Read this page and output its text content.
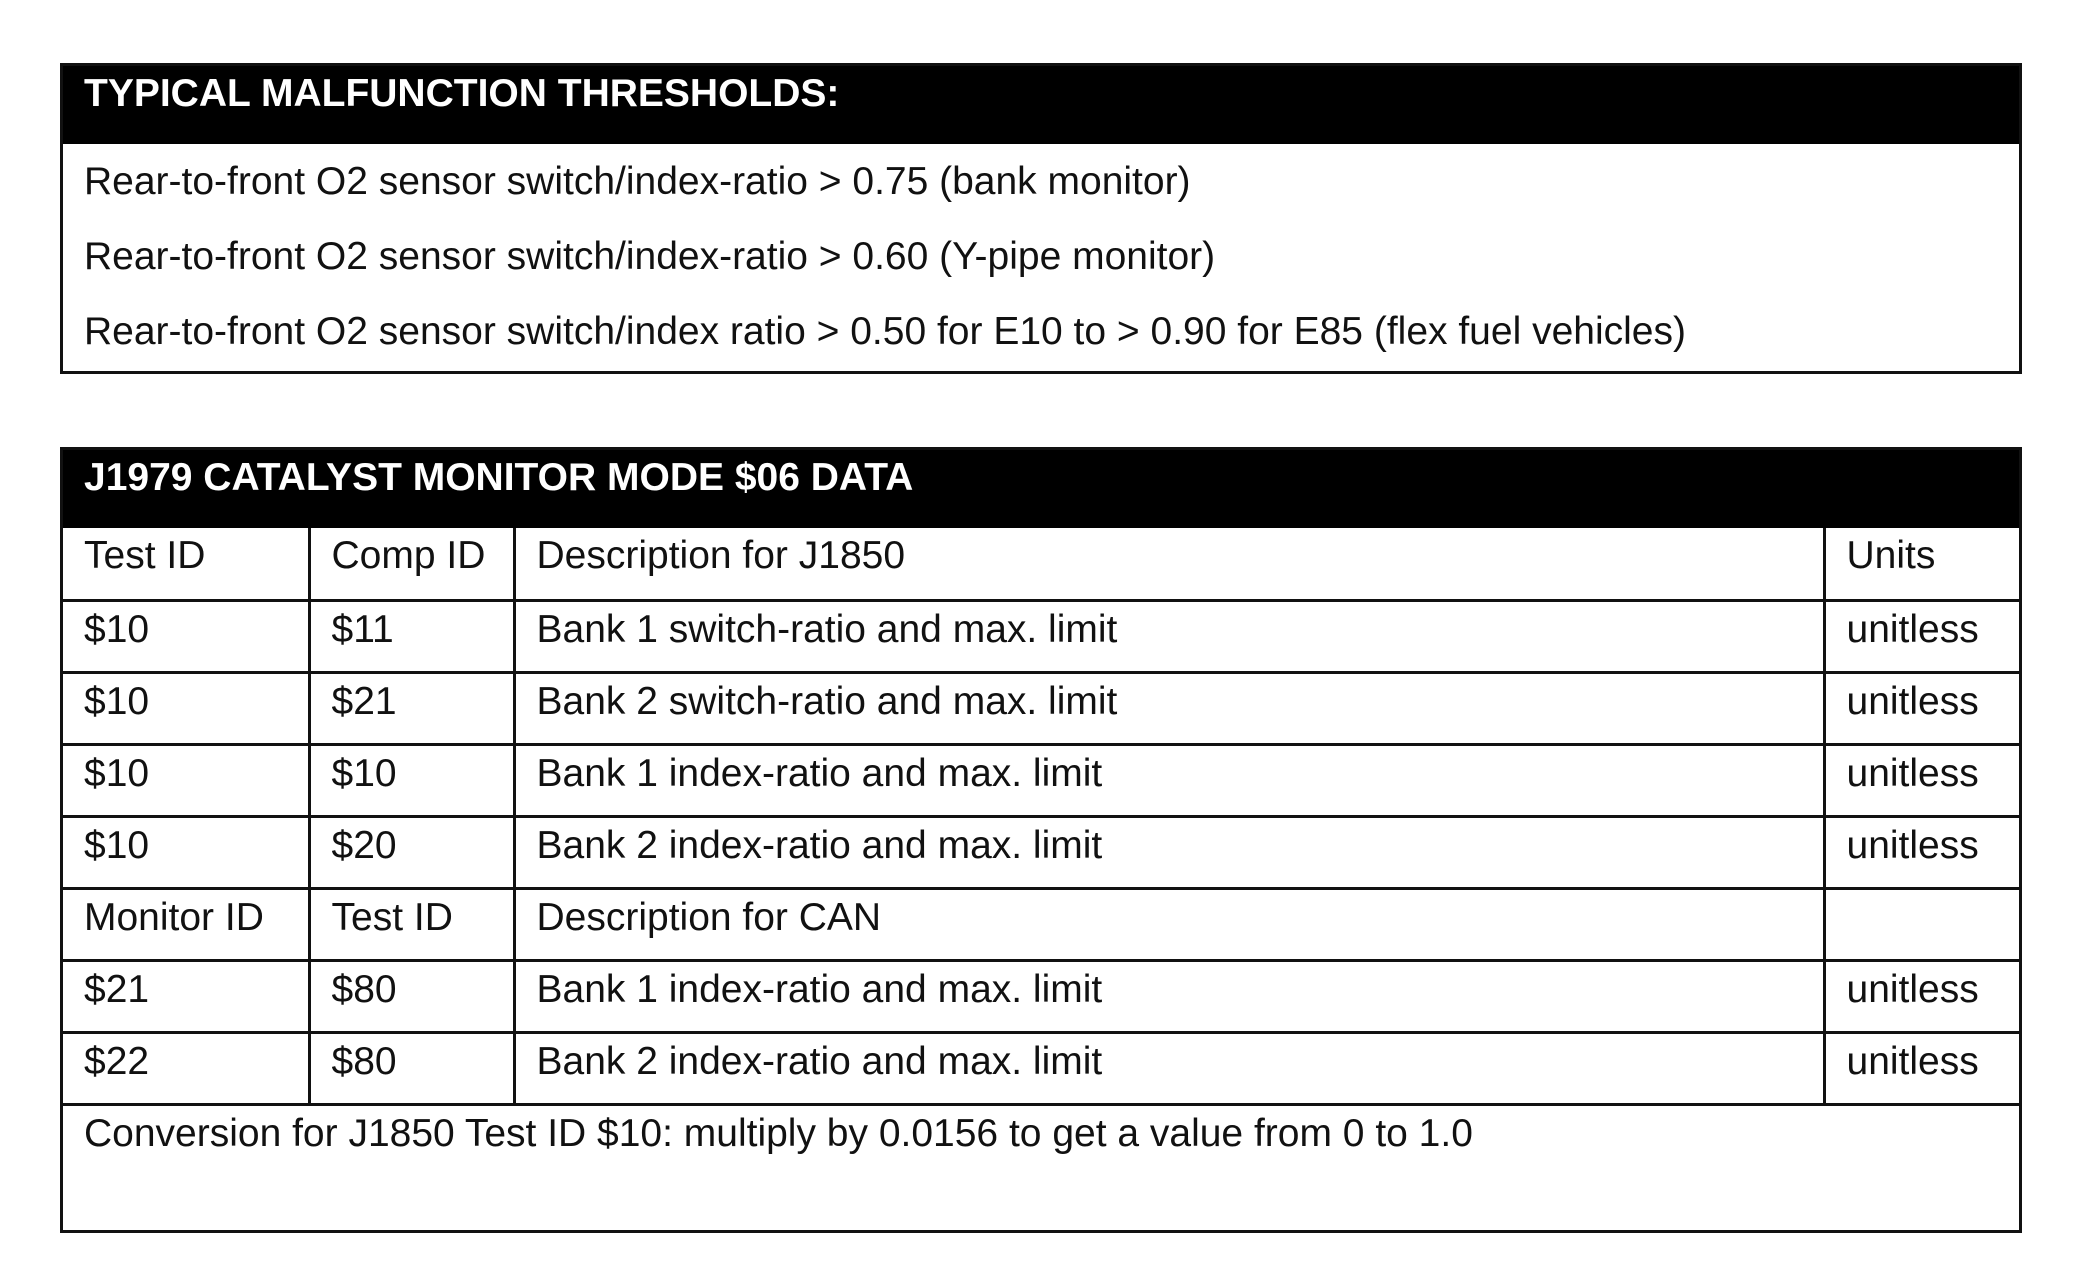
TYPICAL MALFUNCTION THRESHOLDS:
Rear-to-front O2 sensor switch/index-ratio > 0.75 (bank monitor)
Rear-to-front O2 sensor switch/index-ratio > 0.60 (Y-pipe monitor)
Rear-to-front O2 sensor switch/index ratio > 0.50 for E10 to > 0.90 for E85 (flex fuel vehicles)
J1979 CATALYST MONITOR MODE $06 DATA
Test ID	Comp ID	Description for J1850	Units
$10	$11	Bank 1 switch-ratio and max. limit	unitless
$10	$21	Bank 2 switch-ratio and max. limit	unitless
$10	$10	Bank 1 index-ratio and max. limit	unitless
$10	$20	Bank 2 index-ratio and max. limit	unitless
Monitor ID	Test ID	Description for CAN	
$21	$80	Bank 1 index-ratio and max. limit	unitless
$22	$80	Bank 2 index-ratio and max. limit	unitless
Conversion for J1850 Test ID $10: multiply by 0.0156 to get a value from 0 to 1.0			
